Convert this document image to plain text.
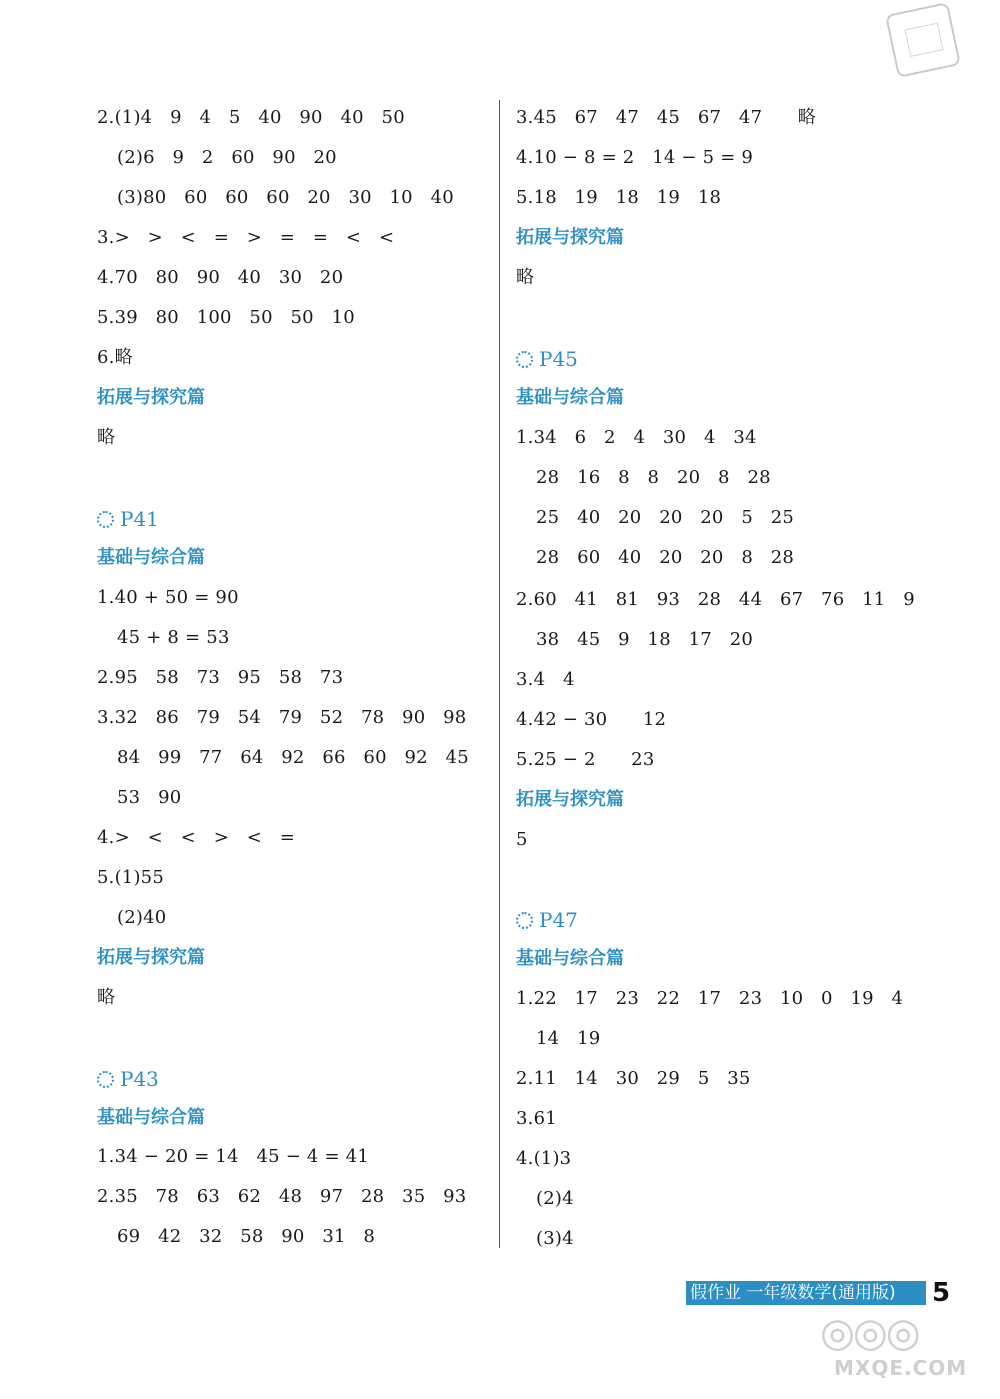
2.(1)4   9   4   5   40   90   40   50
(2)6   9   2   60   90   20
(3)80   60   60   60   20   30   10   40
3.>   >   <   =   >   =   =   <   <
4.70   80   90   40   30   20
5.39   80   100   50   50   10
6.略
拓展与探究篇
略
P41
基础与综合篇
1.40 + 50 = 90
45 + 8 = 53
2.95   58   73   95   58   73
3.32   86   79   54   79   52   78   90   98
84   99   77   64   92   66   60   92   45
53   90
4.>   <   <   >   <   =
5.(1)55
(2)40
拓展与探究篇
略
P43
基础与综合篇
1.34 − 20 = 14   45 − 4 = 41
2.35   78   63   62   48   97   28   35   93
69   42   32   58   90   31   8
3.45   67   47   45   67   47      略
4.10 − 8 = 2   14 − 5 = 9
5.18   19   18   19   18
拓展与探究篇
略
P45
基础与综合篇
1.34   6   2   4   30   4   34
28   16   8   8   20   8   28
25   40   20   20   20   5   25
28   60   40   20   20   8   28
2.60   41   81   93   28   44   67   76   11   9
38   45   9   18   17   20
3.4   4
4.42 − 30      12
5.25 − 2      23
拓展与探究篇
5
P47
基础与综合篇
1.22   17   23   22   17   23   10   0   19   4
14   19
2.11   14   30   29   5   35
3.61
4.(1)3
(2)4
(3)4
假作业 一年级数学(通用版)	5
◎◎◎
MXQE.COM
